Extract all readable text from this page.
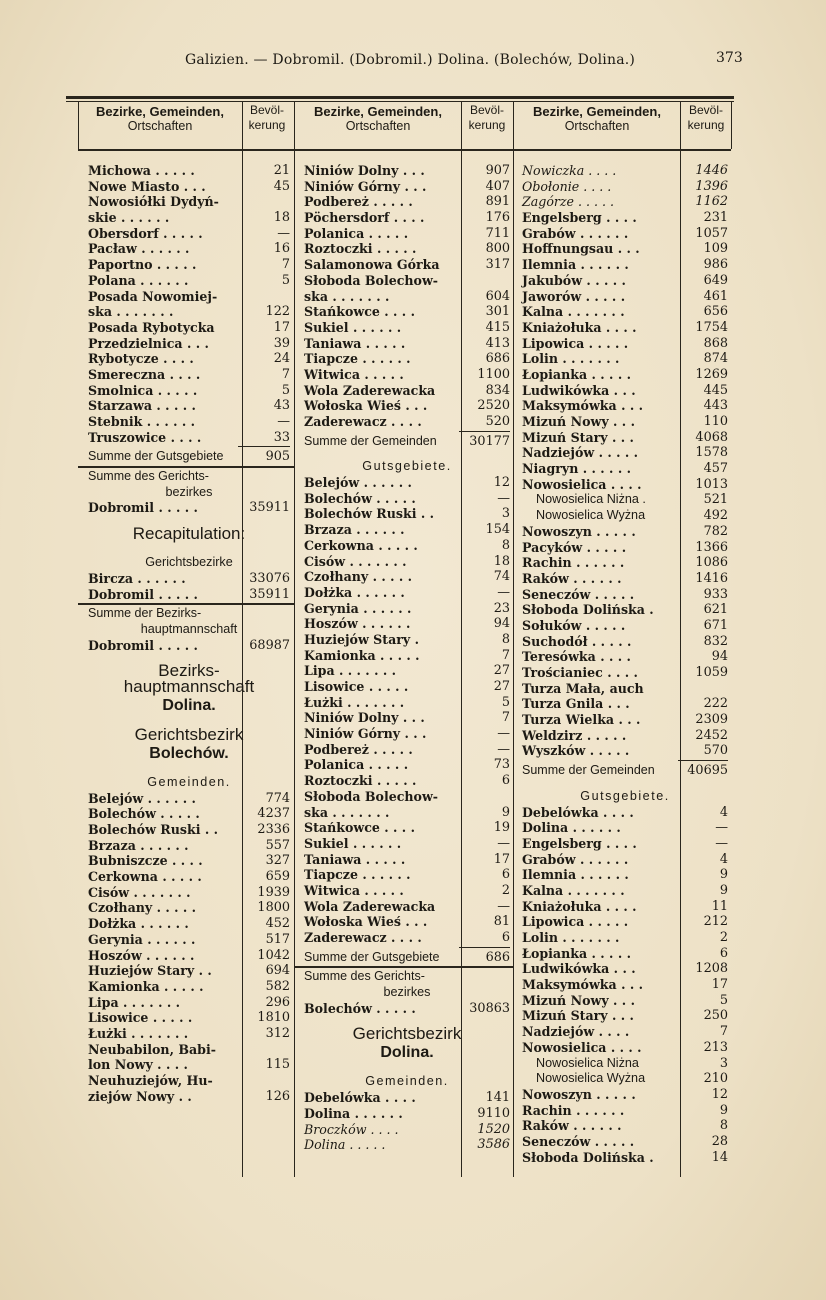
Galizien. — Dobromil. (Dobromil.) Dolina. (Bolechów, Dolina.)	373
Bezirke, Gemeinden,
Ortschaften
Bevöl-
kerung
Bezirke, Gemeinden,
Ortschaften
Bevöl-
kerung
Bezirke, Gemeinden,
Ortschaften
Bevöl-
kerung
Michowa . . . . .	21
Nowe Miasto . . .	45
Nowosiółki Dydyń-
skie . . . . . .	18
Obersdorf . . . . .	—
Pacław . . . . . .	16
Paportno . . . . .	7
Polana . . . . . .	5
Posada Nowomiej-
ska . . . . . . .	122
Posada Rybotycka	17
Przedzielnica . . .	39
Rybotycze . . . .	24
Smereczna . . . .	7
Smolnica . . . . .	5
Starzawa . . . . .	43
Stebnik . . . . . .	—
Truszowice . . . .	33
Summe der Gutsgebiete	905
Summe des Gerichts-
bezirkes
Dobromil . . . . .	35911
Recapitulation:
Gerichtsbezirke
Bircza . . . . . .	33076
Dobromil . . . . .	35911
Summe der Bezirks-
hauptmannschaft
Dobromil . . . . .	68987
Bezirks-
hauptmannschaft
Dolina.
Gerichtsbezirk
Bolechów.
Gemeinden.
Belejów . . . . . .	774
Bolechów . . . . .	4237
Bolechów Ruski . .	2336
Brzaza . . . . . .	557
Bubniszcze . . . .	327
Cerkowna . . . . .	659
Cisów . . . . . . .	1939
Czołhany . . . . .	1800
Dołżka . . . . . .	452
Gerynia . . . . . .	517
Hoszów . . . . . .	1042
Huziejów Stary . .	694
Kamionka . . . . .	582
Lipa . . . . . . .	296
Lisowice . . . . .	1810
Łużki . . . . . . .	312
Neubabilon, Babi-
lon Nowy . . . .	115
Neuhuziejów, Hu-
ziejów Nowy . .	126
Niniów Dolny . . .	907
Niniów Górny . . .	407
Podbereż . . . . .	891
Pöchersdorf . . . .	176
Polanica . . . . .	711
Roztoczki . . . . .	800
Salamonowa Górka	317
Słoboda Bolechow-
ska . . . . . . .	604
Stańkowce . . . .	301
Sukiel . . . . . .	415
Taniawa . . . . .	413
Tiapcze . . . . . .	686
Witwica . . . . .	1100
Wola Zaderewacka	834
Wołoska Wieś . . .	2520
Zaderewacz . . . .	520
Summe der Gemeinden	30177
Gutsgebiete.
Belejów . . . . . .	12
Bolechów . . . . .	—
Bolechów Ruski . .	3
Brzaza . . . . . .	154
Cerkowna . . . . .	8
Cisów . . . . . . .	18
Czołhany . . . . .	74
Dołżka . . . . . .	—
Gerynia . . . . . .	23
Hoszów . . . . . .	94
Huziejów Stary .	8
Kamionka . . . . .	7
Lipa . . . . . . .	27
Lisowice . . . . .	27
Łużki . . . . . . .	5
Niniów Dolny . . .	7
Niniów Górny . . .	—
Podbereż . . . . .	—
Polanica . . . . .	73
Roztoczki . . . . .	6
Słoboda Bolechow-
ska . . . . . . .	9
Stańkowce . . . .	19
Sukiel . . . . . .	—
Taniawa . . . . .	17
Tiapcze . . . . . .	6
Witwica . . . . .	2
Wola Zaderewacka	—
Wołoska Wieś . . .	81
Zaderewacz . . . .	6
Summe der Gutsgebiete	686
Summe des Gerichts-
bezirkes
Bolechów . . . . .	30863
Gerichtsbezirk
Dolina.
Gemeinden.
Debelówka . . . .	141
Dolina . . . . . .	9110
Broczków . . . .	1520
Dolina . . . . .	3586
Nowiczka . . . .	1446
Obołonie . . . .	1396
Zagórze . . . . .	1162
Engelsberg . . . .	231
Grabów . . . . . .	1057
Hoffnungsau . . .	109
Ilemnia . . . . . .	986
Jakubów . . . . .	649
Jaworów . . . . .	461
Kalna . . . . . . .	656
Kniażołuka . . . .	1754
Lipowica . . . . .	868
Lolin . . . . . . .	874
Łopianka . . . . .	1269
Ludwikówka . . .	445
Maksymówka . . .	443
Mizuń Nowy . . .	110
Mizuń Stary . . .	4068
Nadziejów . . . . .	1578
Niagryn . . . . . .	457
Nowosielica . . . .	1013
Nowosielica Niżna .	521
Nowosielica Wyżna	492
Nowoszyn . . . . .	782
Pacyków . . . . .	1366
Rachin . . . . . .	1086
Raków . . . . . .	1416
Seneczów . . . . .	933
Słoboda Dolińska .	621
Sołuków . . . . .	671
Suchodół . . . . .	832
Teresówka . . . .	94
Trościaniec . . . .	1059
Turza Mała, auch
Turza Gnila . . .	222
Turza Wielka . . .	2309
Weldzirz . . . . .	2452
Wyszków . . . . .	570
Summe der Gemeinden	40695
Gutsgebiete.
Debelówka . . . .	4
Dolina . . . . . .	—
Engelsberg . . . .	—
Grabów . . . . . .	4
Ilemnia . . . . . .	9
Kalna . . . . . . .	9
Kniażołuka . . . .	11
Lipowica . . . . .	212
Lolin . . . . . . .	2
Łopianka . . . . .	6
Ludwikówka . . .	1208
Maksymówka . . .	17
Mizuń Nowy . . .	5
Mizuń Stary . . .	250
Nadziejów . . . .	7
Nowosielica . . . .	213
Nowosielica Niżna	3
Nowosielica Wyżna	210
Nowoszyn . . . . .	12
Rachin . . . . . .	9
Raków . . . . . .	8
Seneczów . . . . .	28
Słoboda Dolińska .	14
